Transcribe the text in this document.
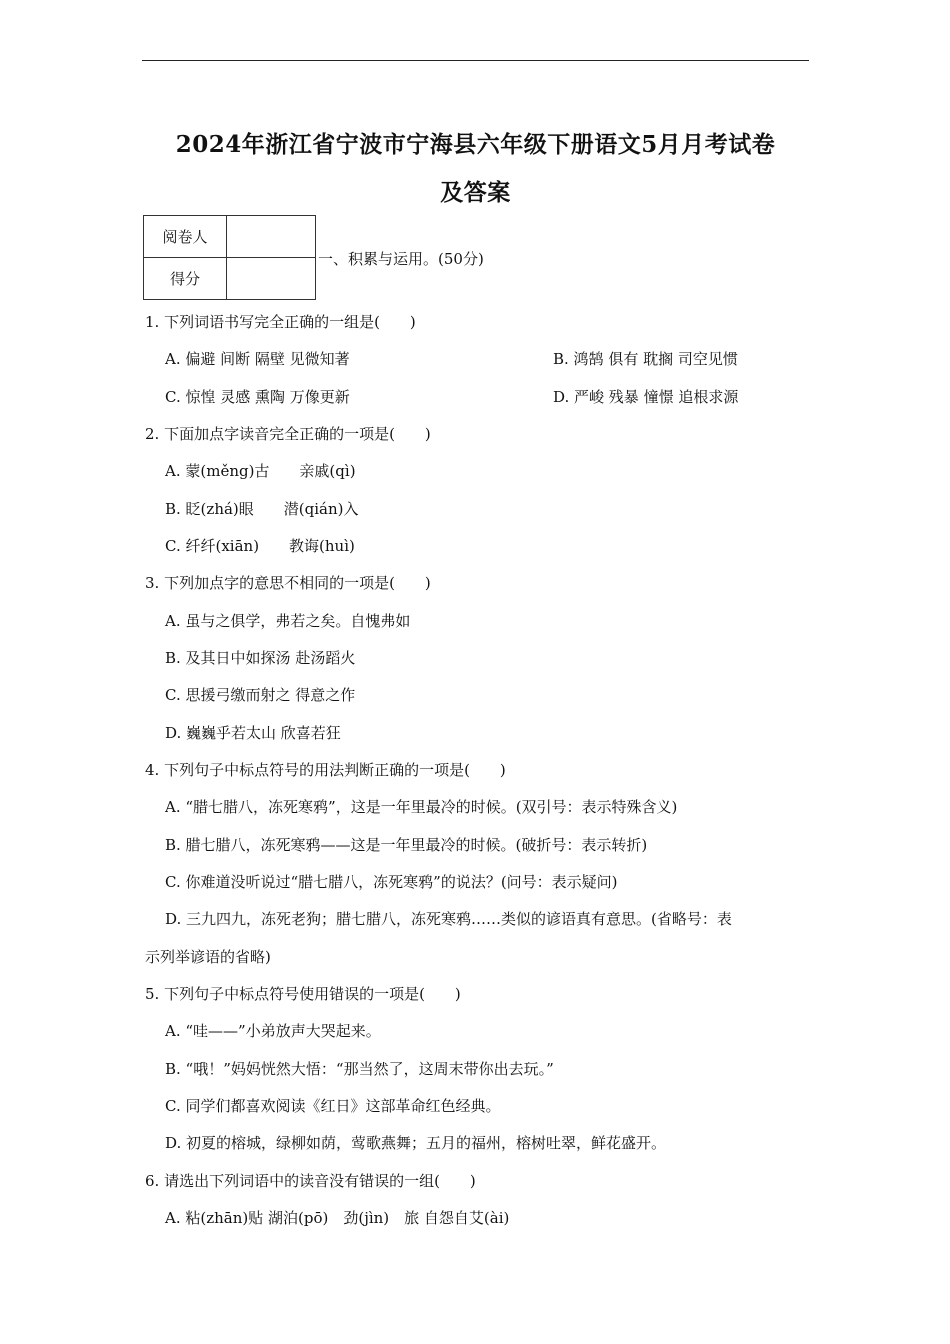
2024年浙江省宁波市宁海县六年级下册语文5月月考试卷
及答案
阅卷人	
得分	
一、积累与运用。(50分)
1. 下列词语书写完全正确的一组是(　　)
A. 偏避 间断 隔壁 见微知著	B. 鸿鹄 俱有 耽搁 司空见惯
C. 惊惶 灵感 熏陶 万像更新	D. 严峻 残暴 憧憬 追根求源
2. 下面加点字读音完全正确的一项是(　　)
A. 蒙(měng)古　　亲戚(qì)
B. 眨(zhá)眼　　潜(qián)入
C. 纤纤(xiān)　　教诲(huì)
3. 下列加点字的意思不相同的一项是(　　)
A. 虽与之俱学，弗若之矣。自愧弗如
B. 及其日中如探汤 赴汤蹈火
C. 思援弓缴而射之 得意之作
D. 巍巍乎若太山 欣喜若狂
4. 下列句子中标点符号的用法判断正确的一项是(　　)
A. “腊七腊八，冻死寒鸦”，这是一年里最冷的时候。(双引号：表示特殊含义)
B. 腊七腊八，冻死寒鸦——这是一年里最冷的时候。(破折号：表示转折)
C. 你难道没听说过“腊七腊八，冻死寒鸦”的说法？(问号：表示疑问)
D. 三九四九，冻死老狗；腊七腊八，冻死寒鸦……类似的谚语真有意思。(省略号：表
示列举谚语的省略)
5. 下列句子中标点符号使用错误的一项是(　　)
A. “哇——”小弟放声大哭起来。
B. “哦！”妈妈恍然大悟：“那当然了，这周末带你出去玩。”
C. 同学们都喜欢阅读《红日》这部革命红色经典。
D. 初夏的榕城，绿柳如荫，莺歌燕舞；五月的福州，榕树吐翠，鲜花盛开。
6. 请选出下列词语中的读音没有错误的一组(　　)
A. 粘(zhān)贴 湖泊(pō)　劲(jìn)　旅 自怨自艾(ài)
